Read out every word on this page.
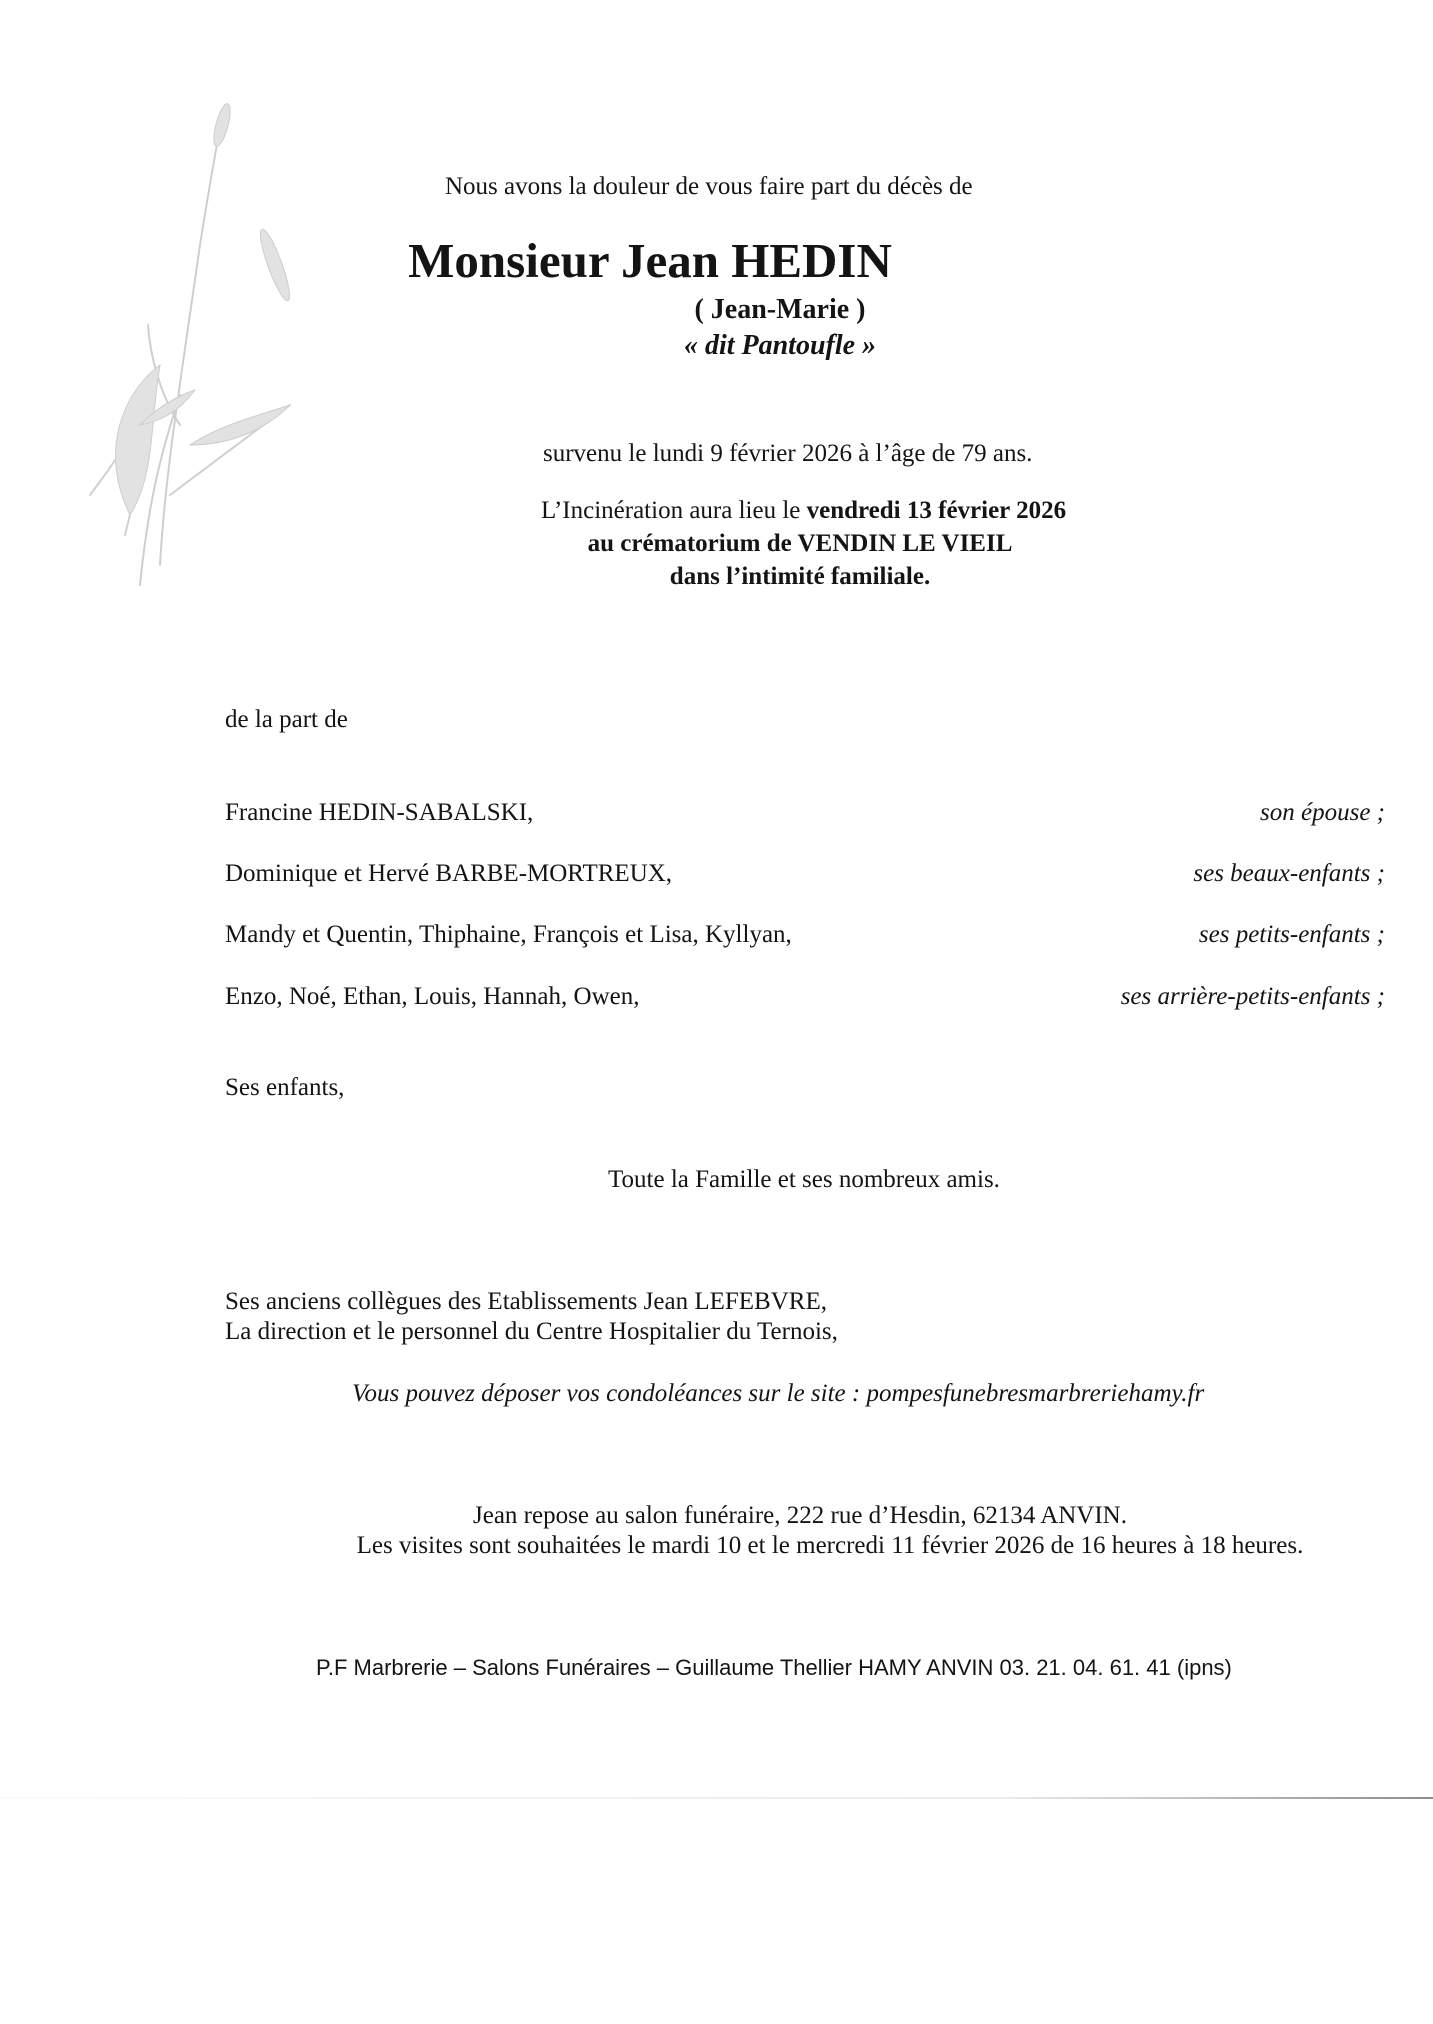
Nous avons la douleur de vous faire part du décès de

Monsieur Jean HEDIN

( Jean-Marie )

« dit Pantoufle »

survenu le lundi 9 février 2026 à l’âge de 79 ans.

L’Incinération aura lieu le vendredi 13 février 2026

au crématorium de VENDIN LE VIEIL

dans l’intimité familiale.

de la part de

Francine HEDIN-SABALSKI,	son épouse ;
Dominique et Hervé BARBE-MORTREUX,	ses beaux-enfants ;
Mandy et Quentin, Thiphaine, François et Lisa, Kyllyan,	ses petits-enfants ;
Enzo, Noé, Ethan, Louis, Hannah, Owen,	ses arrière-petits-enfants ;

Ses enfants,

Toute la Famille et ses nombreux amis.

Ses anciens collègues des Etablissements Jean LEFEBVRE,

La direction et le personnel du Centre Hospitalier du Ternois,

Vous pouvez déposer vos condoléances sur le site : pompesfunebresmarbreriehamy.fr

Jean repose au salon funéraire, 222 rue d’Hesdin, 62134 ANVIN.

Les visites sont souhaitées le mardi 10 et le mercredi 11 février 2026 de 16 heures à 18 heures.

P.F Marbrerie – Salons Funéraires – Guillaume Thellier HAMY ANVIN 03. 21. 04. 61. 41 (ipns)
